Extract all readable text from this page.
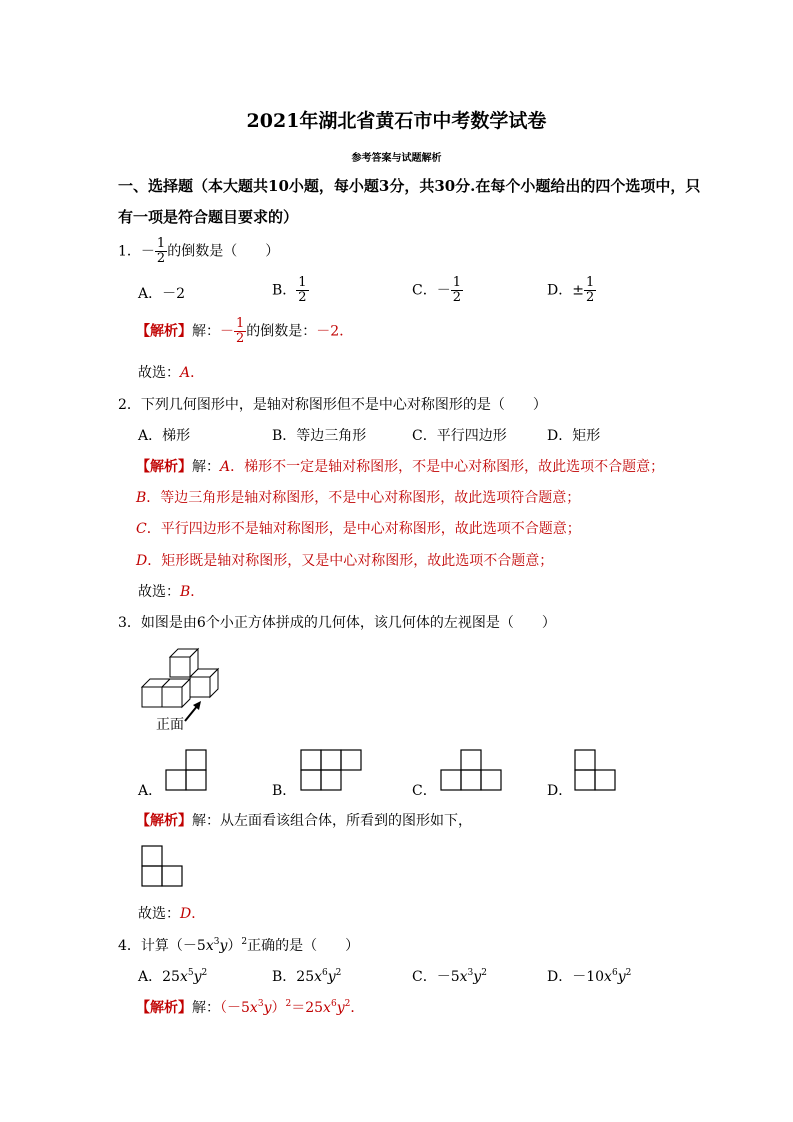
2021年湖北省黄石市中考数学试卷
参考答案与试题解析
一、选择题（本大题共10小题，每小题3分，共30分.在每个小题给出的四个选项中，只
有一项是符合题目要求的）
1．－ $\frac{1}{2}$ 的倒数是（　　）
A．－2	B． $\frac{1}{2}$	C．－ $\frac{1}{2}$	D．± $\frac{1}{2}$
【解析】解：－ $\frac{1}{2}$ 的倒数是：－2．
故选：A．
2．下列几何图形中，是轴对称图形但不是中心对称图形的是（　　）
A．梯形	B．等边三角形	C．平行四边形	D．矩形
【解析】解：A．梯形不一定是轴对称图形，不是中心对称图形，故此选项不合题意；
B．等边三角形是轴对称图形，不是中心对称图形，故此选项符合题意；
C．平行四边形不是轴对称图形，是中心对称图形，故此选项不合题意；
D．矩形既是轴对称图形，又是中心对称图形，故此选项不合题意；
故选：B．
3．如图是由6个小正方体拼成的几何体，该几何体的左视图是（　　）
正面
A．	B．	C．	D．
【解析】解：从左面看该组合体，所看到的图形如下，
故选：D．
4．计算$(-5x^3y)^2$正确的是（　　）
A．$25x^5y^2$	B．$25x^6y^2$	C．$-5x^3y^2$	D．$-10x^6y^2$
【解析】解：$(-5x^3y)^2=25x^6y^2$．
